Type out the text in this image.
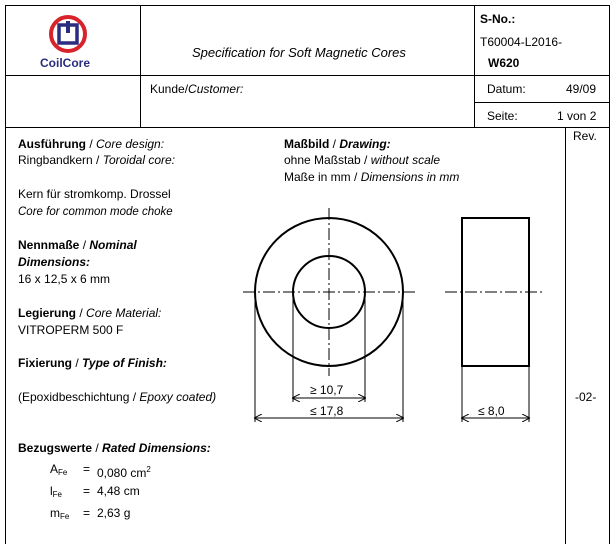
CoilCore
Specification for Soft Magnetic Cores
S-No.:
T60004-L2016-
W620
Kunde/Customer:	Datum:	49/09
Seite:	1 von 2
Rev.
-02-
Ausführung / Core design:
Ringbandkern / Toroidal core:
Kern für stromkomp. Drossel
Core for common mode choke
Nennmaße / Nominal
Dimensions:
16 x 12,5 x 6 mm
Legierung / Core Material:
VITROPERM 500 F
Fixierung / Type of Finish:
(Epoxidbeschichtung / Epoxy coated)
Bezugswerte / Rated Dimensions:
$A_{Fe} = 0,080$ $cm^2$
$l_{Fe} = 4,48$ cm
$m_{Fe} = 2,63$ g
Maßbild / Drawing:
ohne Maßstab / without scale
Maße in mm / Dimensions in mm
≥ 10,7
≤ 17,8	≤ 8,0
